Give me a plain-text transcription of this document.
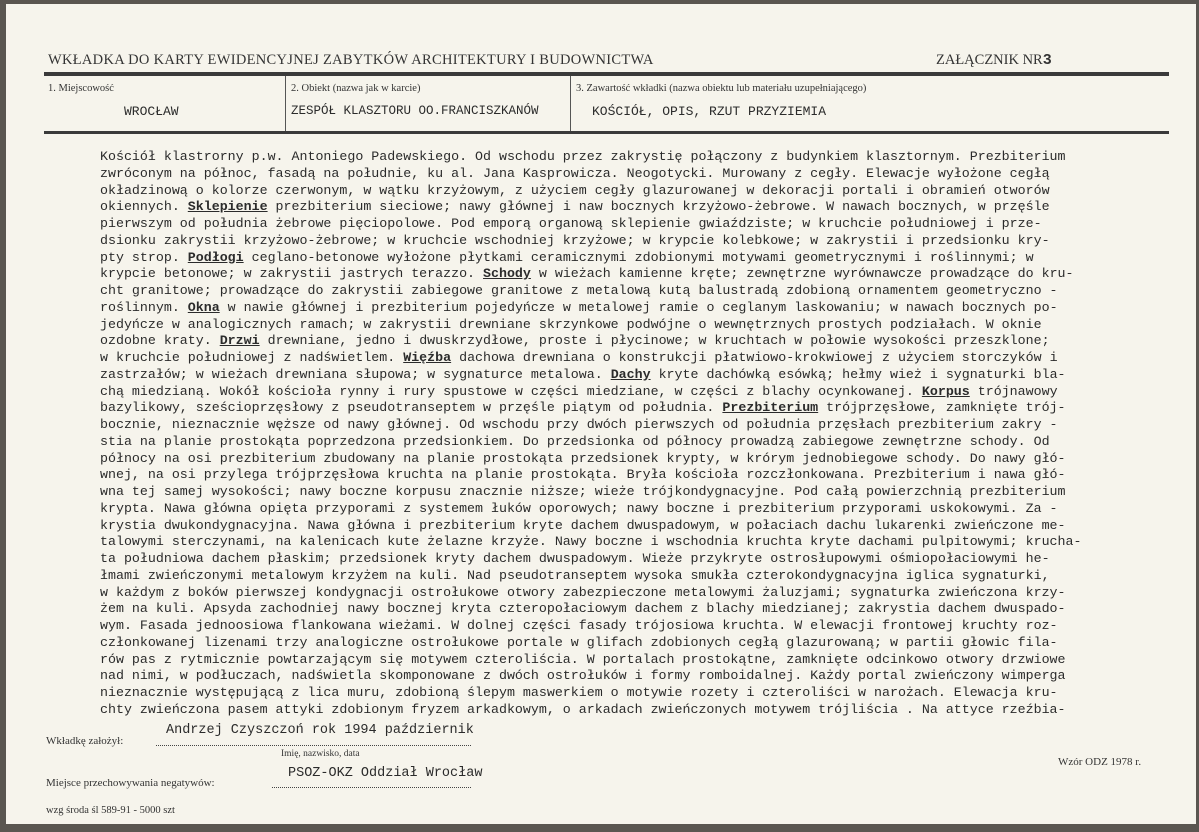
WKŁADKA DO KARTY EWIDENCYJNEJ ZABYTKÓW ARCHITEKTURY I BUDOWNICTWA	ZAŁĄCZNIK NR3
1. Miejscowość
WROCŁAW
2. Obiekt (nazwa jak w karcie)
ZESPÓŁ KLASZTORU OO.FRANCISZKANÓW
3. Zawartość wkładki (nazwa obiektu lub materiału uzupełniającego)
KOŚCIÓŁ, OPIS, RZUT PRZYZIEMIA
Kościół klastrorny p.w. Antoniego Padewskiego. Od wschodu przez zakrystię połączony z budynkiem klasztornym. Prezbiterium
zwróconym na północ, fasadą na południe, ku al. Jana Kasprowicza. Neogotycki. Murowany z cegły. Elewacje wyłożone cegłą
okładzinową o kolorze czerwonym, w wątku krzyżowym, z użyciem cegły glazurowanej w dekoracji portali i obramień otworów
okiennych. Sklepienie prezbiterium sieciowe; nawy głównej i naw bocznych krzyżowo-żebrowe. W nawach bocznych, w przęśle
pierwszym od południa żebrowe pięciopolowe. Pod emporą organową sklepienie gwiaździste; w kruchcie południowej i prze-
dsionku zakrystii krzyżowo-żebrowe; w kruchcie wschodniej krzyżowe; w krypcie kolebkowe; w zakrystii i przedsionku kry-
pty strop. Podłogi ceglano-betonowe wyłożone płytkami ceramicznymi zdobionymi motywami geometrycznymi i roślinnymi; w
krypcie betonowe; w zakrystii jastrych terazzo. Schody w wieżach kamienne kręte; zewnętrzne wyrównawcze prowadzące do kru-
cht granitowe; prowadzące do zakrystii zabiegowe granitowe z metalową kutą balustradą zdobioną ornamentem geometryczno -
roślinnym. Okna w nawie głównej i prezbiterium pojedyńcze w metalowej ramie o ceglanym laskowaniu; w nawach bocznych po-
jedyńcze w analogicznych ramach; w zakrystii drewniane skrzynkowe podwójne o wewnętrznych prostych podziałach. W oknie
ozdobne kraty. Drzwi drewniane, jedno i dwuskrzydłowe, proste i płycinowe; w kruchtach w połowie wysokości przeszklone;
w kruchcie południowej z nadświetlem. Więźba dachowa drewniana o konstrukcji płatwiowo-krokwiowej z użyciem storczyków i
zastrzałów; w wieżach drewniana słupowa; w sygnaturce metalowa. Dachy kryte dachówką esówką; hełmy wież i sygnaturki bla-
chą miedzianą. Wokół kościoła rynny i rury spustowe w części miedziane, w części z blachy ocynkowanej. Korpus trójnawowy
bazylikowy, sześcioprzęsłowy z pseudotranseptem w przęśle piątym od południa. Prezbiterium trójprzęsłowe, zamknięte trój-
bocznie, nieznacznie węższe od nawy głównej. Od wschodu przy dwóch pierwszych od południa przęsłach prezbiterium zakry -
stia na planie prostokąta poprzedzona przedsionkiem. Do przedsionka od północy prowadzą zabiegowe zewnętrzne schody. Od
północy na osi prezbiterium zbudowany na planie prostokąta przedsionek krypty, w krórym jednobiegowe schody. Do nawy głó-
wnej, na osi przylega trójprzęsłowa kruchta na planie prostokąta. Bryła kościoła rozczłonkowana. Prezbiterium i nawa głó-
wna tej samej wysokości; nawy boczne korpusu znacznie niższe; wieże trójkondygnacyjne. Pod całą powierzchnią prezbiterium
krypta. Nawa główna opięta przyporami z systemem łuków oporowych; nawy boczne i prezbiterium przyporami uskokowymi. Za -
krystia dwukondygnacyjna. Nawa główna i prezbiterium kryte dachem dwuspadowym, w połaciach dachu lukarenki zwieńczone me-
talowymi sterczynami, na kalenicach kute żelazne krzyże. Nawy boczne i wschodnia kruchta kryte dachami pulpitowymi; krucha-
ta południowa dachem płaskim; przedsionek kryty dachem dwuspadowym. Wieże przykryte ostrosłupowymi ośmiopołaciowymi he-
łmami zwieńczonymi metalowym krzyżem na kuli. Nad pseudotranseptem wysoka smukła czterokondygnacyjna iglica sygnaturki,
w każdym z boków pierwszej kondygnacji ostrołukowe otwory zabezpieczone metalowymi żaluzjami; sygnaturka zwieńczona krzy-
żem na kuli. Apsyda zachodniej nawy bocznej kryta czteropołaciowym dachem z blachy miedzianej; zakrystia dachem dwuspado-
wym. Fasada jednoosiowa flankowana wieżami. W dolnej części fasady trójosiowa kruchta. W elewacji frontowej kruchty roz-
członkowanej lizenami trzy analogiczne ostrołukowe portale w glifach zdobionych cegłą glazurowaną; w partii głowic fila-
rów pas z rytmicznie powtarzającym się motywem czteroliścia. W portalach prostokątne, zamknięte odcinkowo otwory drzwiowe
nad nimi, w podłuczach, nadświetla skomponowane z dwóch ostrołuków i formy romboidalnej. Każdy portal zwieńczony wimperga
nieznacznie występującą z lica muru, zdobioną ślepym maswerkiem o motywie rozety i czteroliści w narożach. Elewacja kru-
chty zwieńczona pasem attyki zdobionym fryzem arkadkowym, o arkadach zwieńczonych motywem trójliścia . Na attyce rzeźbia-
Wkładkę założył:
Andrzej Czyszczoń rok 1994 październik
Imię, nazwisko, data
Miejsce przechowywania negatywów:
PSOZ-OKZ Oddział Wrocław
Wzór ODZ 1978 r.
wzg środa śl 589-91 - 5000 szt
